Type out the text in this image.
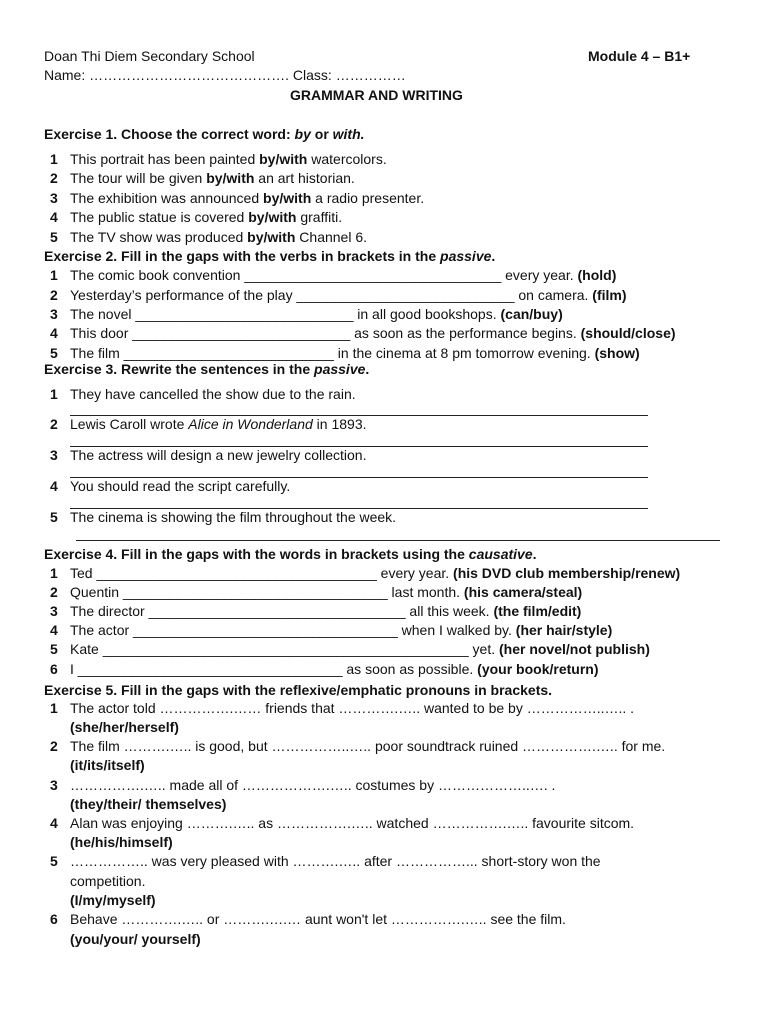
Doan Thi Diem Secondary School	Module 4 – B1+
Name: ……………………………………. Class: ……………
GRAMMAR AND WRITING
Exercise 1. Choose the correct word: by or with.
1 This portrait has been painted by/with watercolors.
2 The tour will be given by/with an art historian.
3 The exhibition was announced by/with a radio presenter.
4 The public statue is covered by/with graffiti.
5 The TV show was produced by/with Channel 6.
Exercise 2. Fill in the gaps with the verbs in brackets in the passive.
1 The comic book convention _________________________________ every year. (hold)
2 Yesterday’s performance of the play ____________________________ on camera. (film)
3 The novel ____________________________ in all good bookshops. (can/buy)
4 This door ____________________________ as soon as the performance begins. (should/close)
5 The film ___________________________ in the cinema at 8 pm tomorrow evening. (show)
Exercise 3. Rewrite the sentences in the passive.
1 They have cancelled the show due to the rain.
2 Lewis Caroll wrote Alice in Wonderland in 1893.
3 The actress will design a new jewelry collection.
4 You should read the script carefully.
5 The cinema is showing the film throughout the week.
Exercise 4. Fill in the gaps with the words in brackets using the causative.
1 Ted ____________________________________ every year. (his DVD club membership/renew)
2 Quentin __________________________________ last month. (his camera/steal)
3 The director _________________________________ all this week. (the film/edit)
4 The actor __________________________________ when I walked by. (her hair/style)
5 Kate _______________________________________________ yet. (her novel/not publish)
6 I __________________________________ as soon as possible. (your book/return)
Exercise 5. Fill in the gaps with the reflexive/emphatic pronouns in brackets.
1 The actor told …………….…… friends that ………….….. wanted to be by ……………..….. .
(she/her/herself)
2 The film ……….….. is good, but ……………..….. poor soundtrack ruined …………….….. for me.
(it/its/itself)
3 …………….….. made all of ……………….….. costumes by ………………..…. .
(they/their/ themselves)
4 Alan was enjoying ……….….. as …………….….. watched …………….….. favourite sitcom.
(he/his/himself)
5 …………….. was very pleased with ……….….. after ……………... short-story won the
competition.
(I/my/myself)
6 Behave ………….….. or ……….….… aunt won't let …………….….. see the film.
(you/your/ yourself)
